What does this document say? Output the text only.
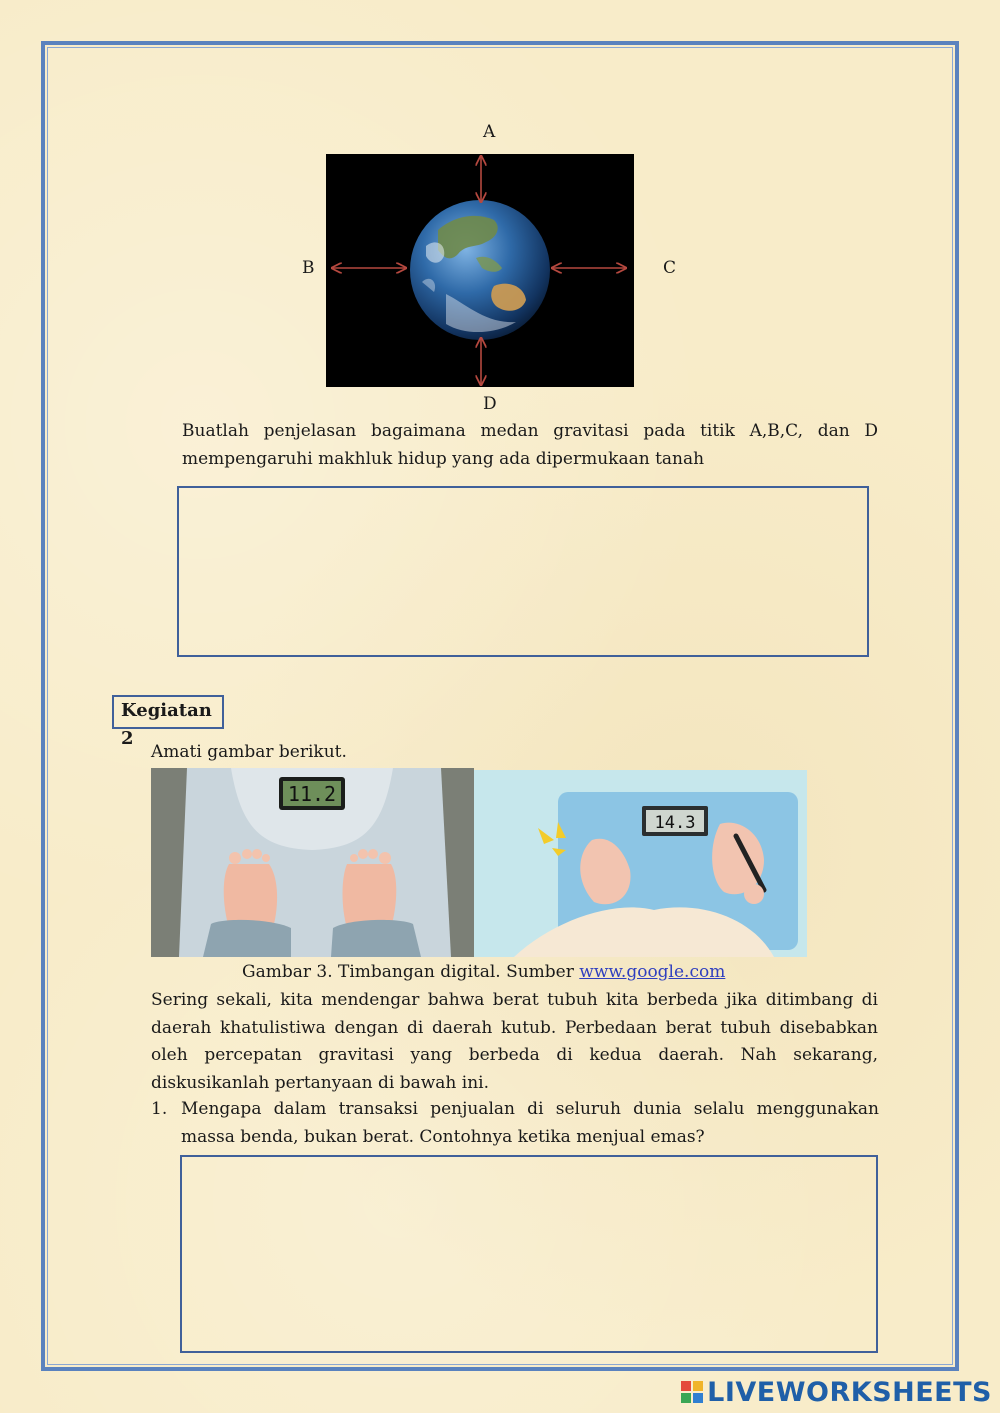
A
B	C
D
Buatlah penjelasan bagaimana medan gravitasi pada titik A,B,C, dan D mempengaruhi makhluk hidup yang ada dipermukaan tanah
Kegiatan 2
Amati gambar berikut.
11.2
14.3
Gambar 3. Timbangan digital. Sumber www.google.com
Sering sekali, kita mendengar bahwa berat tubuh kita berbeda jika ditimbang di daerah khatulistiwa dengan di daerah kutub. Perbedaan berat tubuh disebabkan oleh percepatan gravitasi yang berbeda di kedua daerah. Nah sekarang, diskusikanlah pertanyaan di bawah ini.
1. Mengapa dalam transaksi penjualan di seluruh dunia selalu menggunakan massa benda, bukan berat. Contohnya ketika menjual emas?
LIVEWORKSHEETS
